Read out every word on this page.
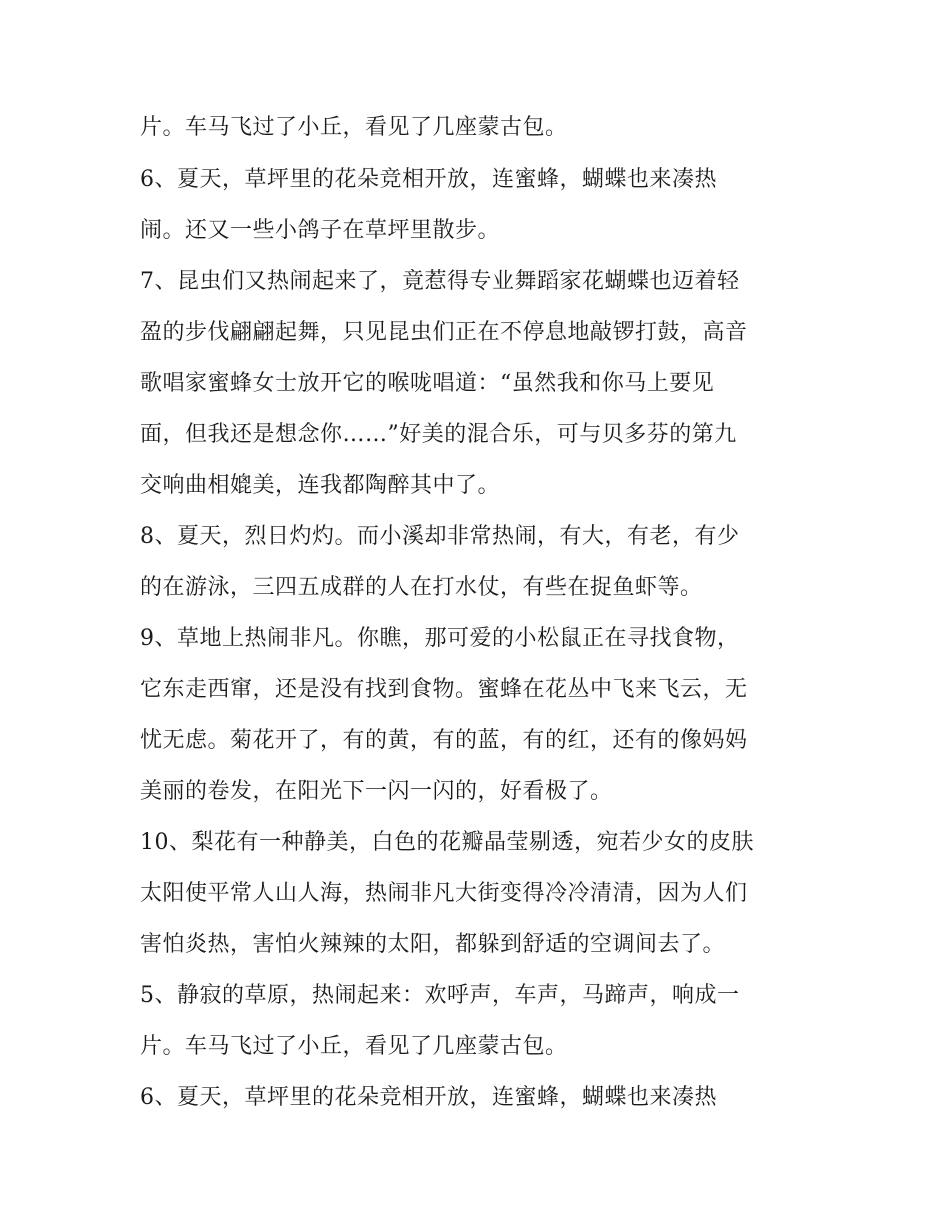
片。车马飞过了小丘，看见了几座蒙古包。
6、夏天，草坪里的花朵竞相开放，连蜜蜂，蝴蝶也来凑热
闹。还又一些小鸽子在草坪里散步。
7、昆虫们又热闹起来了，竟惹得专业舞蹈家花蝴蝶也迈着轻
盈的步伐翩翩起舞，只见昆虫们正在不停息地敲锣打鼓，高音
歌唱家蜜蜂女士放开它的喉咙唱道：“虽然我和你马上要见
面，但我还是想念你……”好美的混合乐，可与贝多芬的第九
交响曲相媲美，连我都陶醉其中了。
8、夏天，烈日灼灼。而小溪却非常热闹，有大，有老，有少
的在游泳，三四五成群的人在打水仗，有些在捉鱼虾等。
9、草地上热闹非凡。你瞧，那可爱的小松鼠正在寻找食物，
它东走西窜，还是没有找到食物。蜜蜂在花丛中飞来飞云，无
忧无虑。菊花开了，有的黄，有的蓝，有的红，还有的像妈妈
美丽的卷发，在阳光下一闪一闪的，好看极了。
10、梨花有一种静美，白色的花瓣晶莹剔透，宛若少女的皮肤
太阳使平常人山人海，热闹非凡大街变得冷冷清清，因为人们
害怕炎热，害怕火辣辣的太阳，都躲到舒适的空调间去了。
5、静寂的草原，热闹起来：欢呼声，车声，马蹄声，响成一
片。车马飞过了小丘，看见了几座蒙古包。
6、夏天，草坪里的花朵竞相开放，连蜜蜂，蝴蝶也来凑热
